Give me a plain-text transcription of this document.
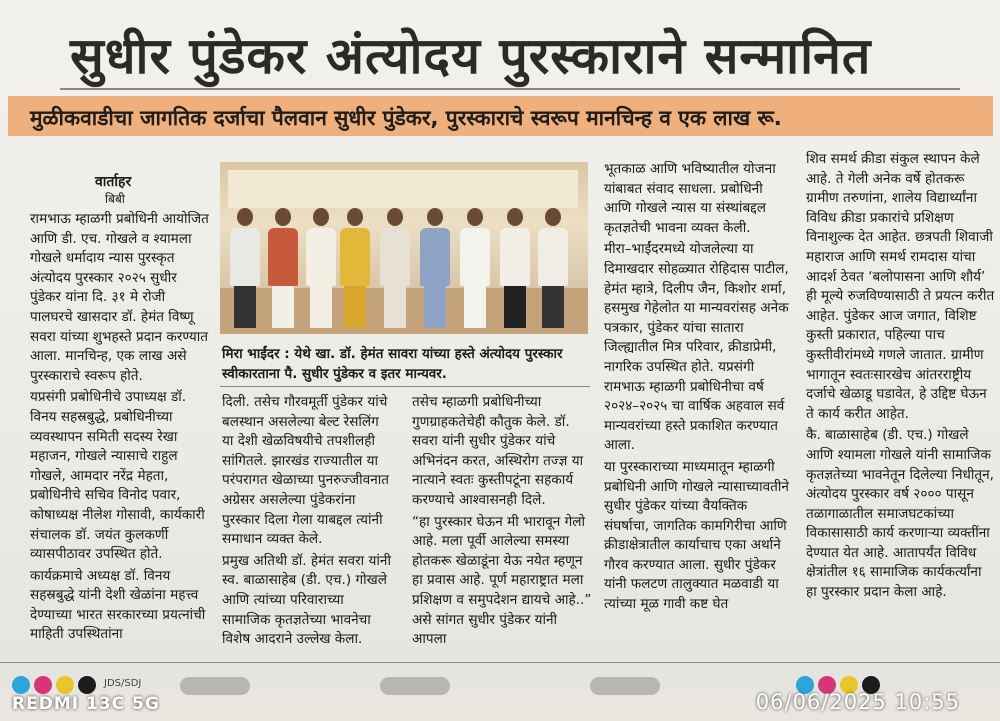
सुधीर पुंडेकर अंत्योदय पुरस्काराने सन्मानित
मुळीकवाडीचा जागतिक दर्जाचा पैलवान सुधीर पुंडेकर, पुरस्काराचे स्वरूप मानचिन्ह व एक लाख रू.
वार्ताहर
बिबी

रामभाऊ म्हाळगी प्रबोधिनी आयोजित आणि डी. एच. गोखले व श्यामला गोखले धर्मादाय न्यास पुरस्कृत अंत्योदय पुरस्कार २०२५ सुधीर पुंडेकर यांना दि. ३१ मे रोजी पालघरचे खासदार डॉ. हेमंत विष्णू सवरा यांच्या शुभहस्ते प्रदान करण्यात आला. मानचिन्ह, एक लाख असे पुरस्काराचे स्वरूप होते.

यप्रसंगी प्रबोधिनीचे उपाध्यक्ष डॉ. विनय सहस्रबुद्धे, प्रबोधिनीच्या व्यवस्थापन समिती सदस्य रेखा महाजन, गोखले न्यासाचे राहुल गोखले, आमदार नरेंद्र मेहता, प्रबोधिनीचे सचिव विनोद पवार, कोषाध्यक्ष नीलेश गोसावी, कार्यकारी संचालक डॉ. जयंत कुलकर्णी व्यासपीठावर उपस्थित होते.

कार्यक्रमाचे अध्यक्ष डॉ. विनय सहस्रबुद्धे यांनी देशी खेळांना महत्त्व देण्याच्या भारत सरकारच्या प्रयत्नांची माहिती उपस्थितांना

मिरा भाईंदर : येथे खा. डॉ. हेमंत सावरा यांच्या हस्ते अंत्योदय पुरस्कार स्वीकारताना पै. सुधीर पुंडेकर व इतर मान्यवर.

दिली. तसेच गौरवमूर्ती पुंडेकर यांचे बलस्थान असलेल्या बेल्ट रेसलिंग या देशी खेळविषयीचे तपशीलही सांगितले. झारखंड राज्यातील या परंपरागत खेळाच्या पुनरुज्जीवनात अग्रेसर असलेल्या पुंडेकरांना पुरस्कार दिला गेला याबद्दल त्यांनी समाधान व्यक्त केले.

प्रमुख अतिथी डॉ. हेमंत सवरा यांनी स्व. बाळासाहेब (डी. एच.) गोखले आणि त्यांच्या परिवाराच्या सामाजिक कृतज्ञतेच्या भावनेचा विशेष आदराने उल्लेख केला.

तसेच म्हाळगी प्रबोधिनीच्या गुणग्राहकतेचेही कौतुक केले. डॉ. सवरा यांनी सुधीर पुंडेकर यांचे अभिनंदन करत, अस्थिरोग तज्ज्ञ या नात्याने स्वतः कुस्तीपटूंना सहकार्य करण्याचे आश्वासनही दिले.

“हा पुरस्कार घेऊन मी भारावून गेलो आहे. मला पूर्वी आलेल्या समस्या होतकरू खेळाडूंना येऊ नयेत म्हणून हा प्रवास आहे. पूर्ण महाराष्ट्रात मला प्रशिक्षण व समुपदेशन द्यायचे आहे..” असे सांगत सुधीर पुंडेकर यांनी आपला

भूतकाळ आणि भविष्यातील योजना यांबाबत संवाद साधला. प्रबोधिनी आणि गोखले न्यास या संस्थांबद्दल कृतज्ञतेची भावना व्यक्त केली.

मीरा–भाईंदरमध्ये योजलेल्या या दिमाखदार सोहळ्यात रोहिदास पाटील, हेमंत म्हात्रे, दिलीप जैन, किशोर शर्मा, हसमुख गेहेलोत या मान्यवरांसह अनेक पत्रकार, पुंडेकर यांचा सातारा जिल्ह्यातील मित्र परिवार, क्रीडाप्रेमी, नागरिक उपस्थित होते. यप्रसंगी रामभाऊ म्हाळगी प्रबोधिनीचा वर्ष २०२४–२०२५ चा वार्षिक अहवाल सर्व मान्यवरांच्या हस्ते प्रकाशित करण्यात आला.

या पुरस्काराच्या माध्यमातून म्हाळगी प्रबोधिनी आणि गोखले न्यासाच्यावतीने सुधीर पुंडेकर यांच्या वैयक्तिक संघर्षाचा, जागतिक कामगिरीचा आणि क्रीडाक्षेत्रातील कार्याचाच एका अर्थाने गौरव करण्यात आला. सुधीर पुंडेकर यांनी फलटण तालुक्यात मळवाडी या त्यांच्या मूळ गावी कष्ट घेत

शिव समर्थ क्रीडा संकुल स्थापन केले आहे. ते गेली अनेक वर्षे होतकरू ग्रामीण तरुणांना, शालेय विद्यार्थ्यांना विविध क्रीडा प्रकारांचे प्रशिक्षण विनाशुल्क देत आहेत. छत्रपती शिवाजी महाराज आणि समर्थ रामदास यांचा आदर्श ठेवत ‘बलोपासना आणि शौर्य’ ही मूल्ये रुजविण्यासाठी ते प्रयत्न करीत आहेत. पुंडेकर आज जगात, विशिष्ट कुस्ती प्रकारात, पहिल्या पाच कुस्तीवीरांमध्ये गणले जातात. ग्रामीण भागातून स्वतःसारखेच आंतरराष्ट्रीय दर्जाचे खेळाडू घडावेत, हे उद्दिष्ट घेऊन ते कार्य करीत आहेत.

कै. बाळासाहेब (डी. एच.) गोखले आणि श्यामला गोखले यांनी सामाजिक कृतज्ञतेच्या भावनेतून दिलेल्या निधीतून, अंत्योदय पुरस्कार वर्ष २००० पासून तळागाळातील समाजघटकांच्या विकासासाठी कार्य करणाऱ्या व्यक्तींना देण्यात येत आहे. आतापर्यंत विविध क्षेत्रांतील १६ सामाजिक कार्यकर्त्यांना हा पुरस्कार प्रदान केला आहे.

JDS/SDJ
REDMI 13C 5G	06/06/2025 10:55
